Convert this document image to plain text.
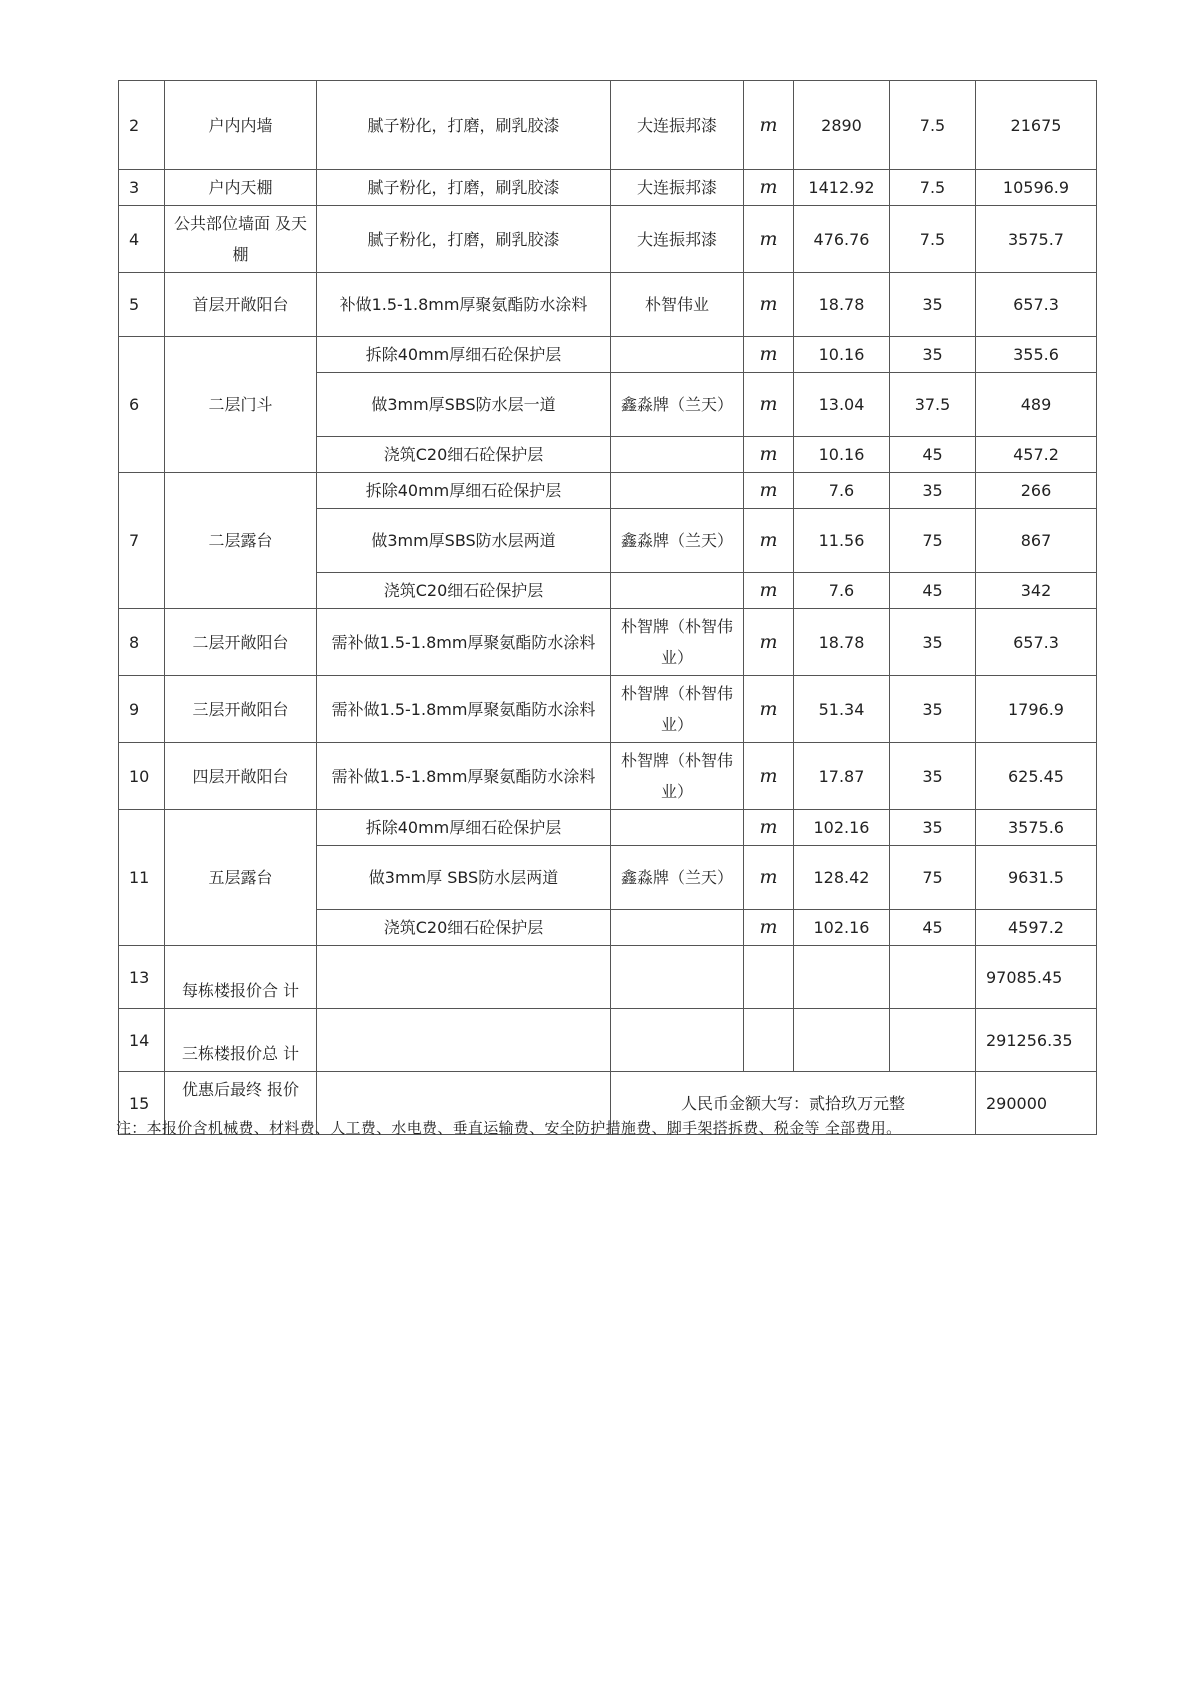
2	户内内墙	腻子粉化，打磨，刷乳胶漆	大连振邦漆	m	2890	7.5	21675
3	户内天棚	腻子粉化，打磨，刷乳胶漆	大连振邦漆	m	1412.92	7.5	10596.9
4	公共部位墙面 及天棚	腻子粉化，打磨，刷乳胶漆	大连振邦漆	m	476.76	7.5	3575.7
5	首层开敞阳台	补做1.5-1.8mm厚聚氨酯防水涂料	朴智伟业	m	18.78	35	657.3
6	二层门斗	拆除40mm厚细石砼保护层		m	10.16	35	355.6
		做3mm厚SBS防水层一道	鑫淼牌（兰天）	m	13.04	37.5	489
		浇筑C20细石砼保护层		m	10.16	45	457.2
7	二层露台	拆除40mm厚细石砼保护层		m	7.6	35	266
		做3mm厚SBS防水层两道	鑫淼牌（兰天）	m	11.56	75	867
		浇筑C20细石砼保护层		m	7.6	45	342
8	二层开敞阳台	需补做1.5-1.8mm厚聚氨酯防水涂料	朴智牌（朴智伟业）	m	18.78	35	657.3
9	三层开敞阳台	需补做1.5-1.8mm厚聚氨酯防水涂料	朴智牌（朴智伟业）	m	51.34	35	1796.9
10	四层开敞阳台	需补做1.5-1.8mm厚聚氨酯防水涂料	朴智牌（朴智伟业）	m	17.87	35	625.45
11	五层露台	拆除40mm厚细石砼保护层		m	102.16	35	3575.6
		做3mm厚 SBS防水层两道	鑫淼牌（兰天）	m	128.42	75	9631.5
		浇筑C20细石砼保护层		m	102.16	45	4597.2
13	每栋楼报价合 计						97085.45
14	三栋楼报价总 计						291256.35
15	优惠后最终 报价		人民币金额大写：贰拾玖万元整				290000
注：本报价含机械费、材料费、人工费、水电费、垂直运输费、安全防护措施费、脚手架搭拆费、税金等 全部费用。
